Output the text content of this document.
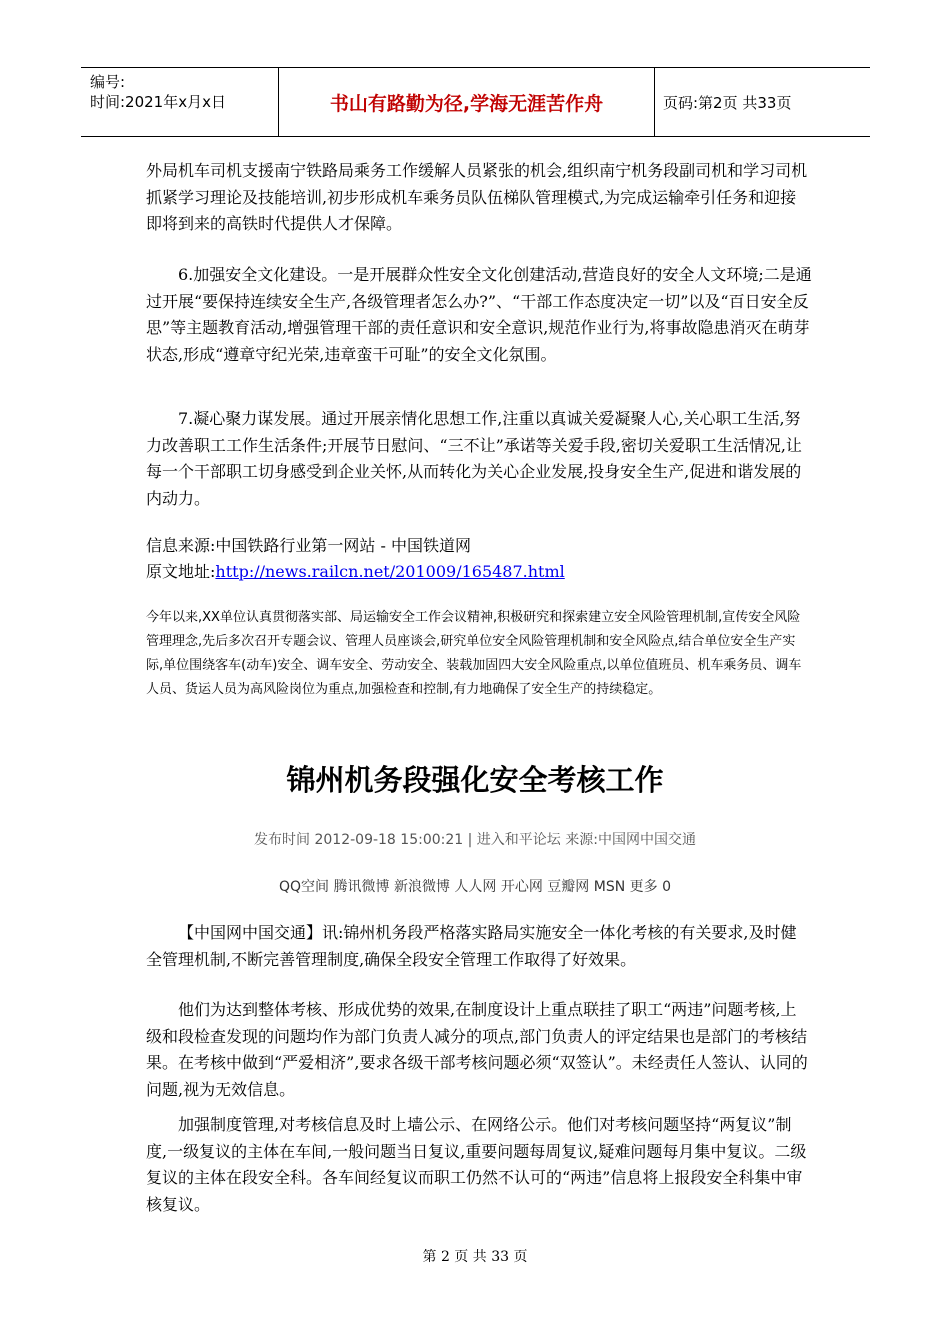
编号:
时间:2021年x月x日	书山有路勤为径,学海无涯苦作舟	页码:第2页 共33页

外局机车司机支援南宁铁路局乘务工作缓解人员紧张的机会,组织南宁机务段副司机和学习司机抓紧学习理论及技能培训,初步形成机车乘务员队伍梯队管理模式,为完成运输牵引任务和迎接即将到来的高铁时代提供人才保障。

6.加强安全文化建设。一是开展群众性安全文化创建活动,营造良好的安全人文环境;二是通过开展“要保持连续安全生产,各级管理者怎么办?”、“干部工作态度决定一切”以及“百日安全反思”等主题教育活动,增强管理干部的责任意识和安全意识,规范作业行为,将事故隐患消灭在萌芽状态,形成“遵章守纪光荣,违章蛮干可耻”的安全文化氛围。

7.凝心聚力谋发展。通过开展亲情化思想工作,注重以真诚关爱凝聚人心,关心职工生活,努力改善职工工作生活条件;开展节日慰问、“三不让”承诺等关爱手段,密切关爱职工生活情况,让每一个干部职工切身感受到企业关怀,从而转化为关心企业发展,投身安全生产,促进和谐发展的内动力。

信息来源:中国铁路行业第一网站 - 中国铁道网

原文地址:http://news.railcn.net/201009/165487.html

今年以来,XX单位认真贯彻落实部、局运输安全工作会议精神,积极研究和探索建立安全风险管理机制,宣传安全风险管理理念,先后多次召开专题会议、管理人员座谈会,研究单位安全风险管理机制和安全风险点,结合单位安全生产实际,单位围绕客车(动车)安全、调车安全、劳动安全、装载加固四大安全风险重点,以单位值班员、机车乘务员、调车人员、货运人员为高风险岗位为重点,加强检查和控制,有力地确保了安全生产的持续稳定。

锦州机务段强化安全考核工作
发布时间 2012-09-18 15:00:21 | 进入和平论坛 来源:中国网中国交通
QQ空间 腾讯微博 新浪微博 人人网 开心网 豆瓣网 MSN 更多 0

【中国网中国交通】讯:锦州机务段严格落实路局实施安全一体化考核的有关要求,及时健全管理机制,不断完善管理制度,确保全段安全管理工作取得了好效果。

他们为达到整体考核、形成优势的效果,在制度设计上重点联挂了职工“两违”问题考核,上级和段检查发现的问题均作为部门负责人减分的项点,部门负责人的评定结果也是部门的考核结果。在考核中做到“严爱相济”,要求各级干部考核问题必须“双签认”。未经责任人签认、认同的问题,视为无效信息。

加强制度管理,对考核信息及时上墙公示、在网络公示。他们对考核问题坚持“两复议”制度,一级复议的主体在车间,一般问题当日复议,重要问题每周复议,疑难问题每月集中复议。二级复议的主体在段安全科。各车间经复议而职工仍然不认可的“两违”信息将上报段安全科集中审核复议。

第 2 页 共 33 页
